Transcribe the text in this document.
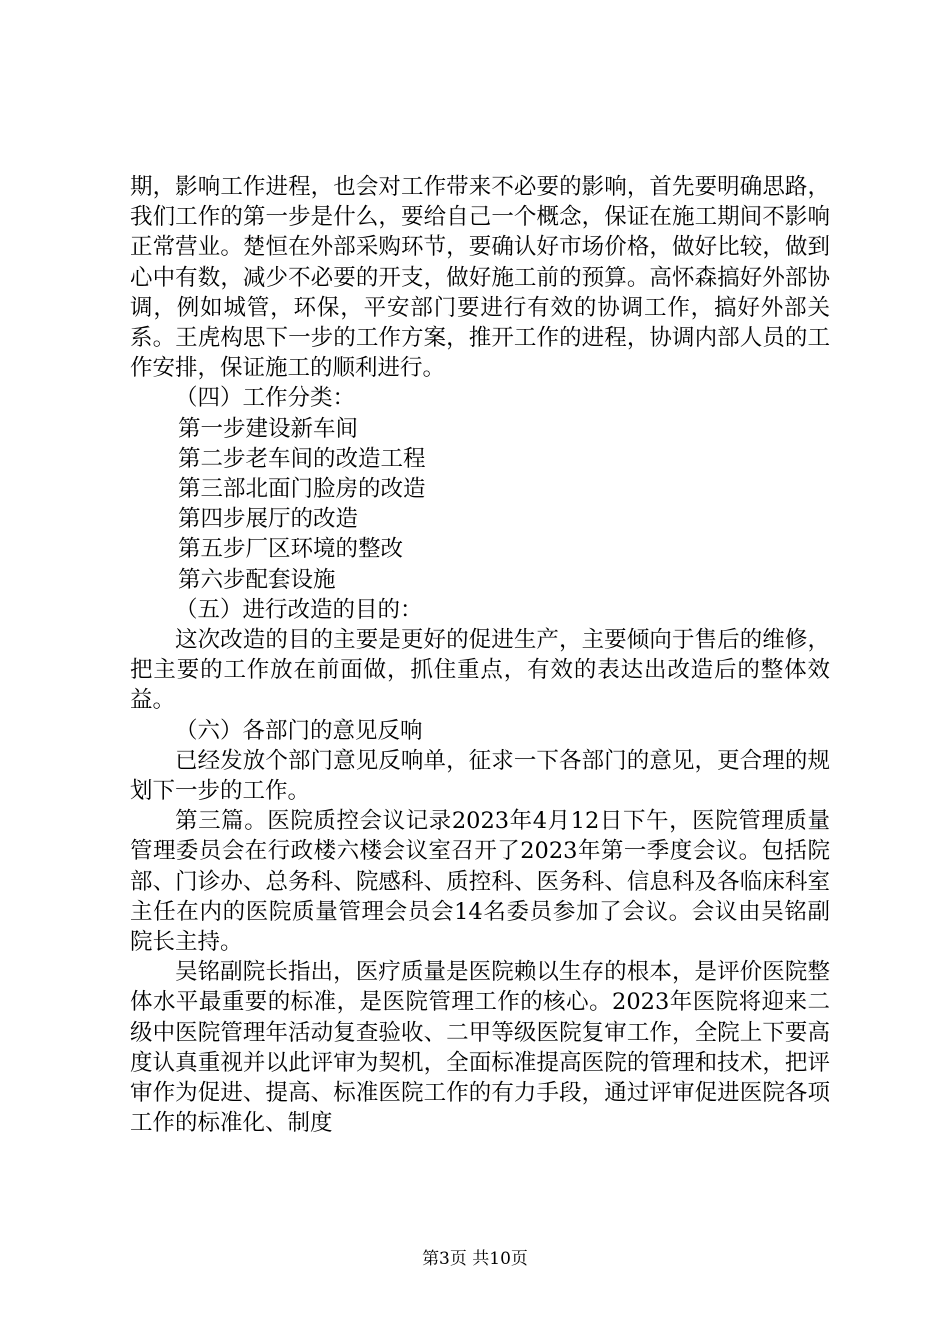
期，影响工作进程，也会对工作带来不必要的影响，首先要明确思路，我们工作的第一步是什么，要给自己一个概念，保证在施工期间不影响正常营业。楚恒在外部采购环节，要确认好市场价格，做好比较，做到心中有数，减少不必要的开支，做好施工前的预算。高怀森搞好外部协调，例如城管，环保，平安部门要进行有效的协调工作，搞好外部关系。王虎构思下一步的工作方案，推开工作的进程，协调内部人员的工作安排，保证施工的顺利进行。

（四）工作分类：

第一步建设新车间

第二步老车间的改造工程

第三部北面门脸房的改造

第四步展厅的改造

第五步厂区环境的整改

第六步配套设施

（五）进行改造的目的：

这次改造的目的主要是更好的促进生产，主要倾向于售后的维修，把主要的工作放在前面做，抓住重点，有效的表达出改造后的整体效益。

（六）各部门的意见反响

已经发放个部门意见反响单，征求一下各部门的意见，更合理的规划下一步的工作。

第三篇。医院质控会议记录2023年4月12日下午，医院管理质量管理委员会在行政楼六楼会议室召开了2023年第一季度会议。包括院部、门诊办、总务科、院感科、质控科、医务科、信息科及各临床科室主任在内的医院质量管理会员会14名委员参加了会议。会议由吴铭副院长主持。

吴铭副院长指出，医疗质量是医院赖以生存的根本，是评价医院整体水平最重要的标准，是医院管理工作的核心。2023年医院将迎来二级中医院管理年活动复查验收、二甲等级医院复审工作，全院上下要高度认真重视并以此评审为契机，全面标准提高医院的管理和技术，把评审作为促进、提高、标准医院工作的有力手段，通过评审促进医院各项工作的标准化、制度

第3页 共10页
